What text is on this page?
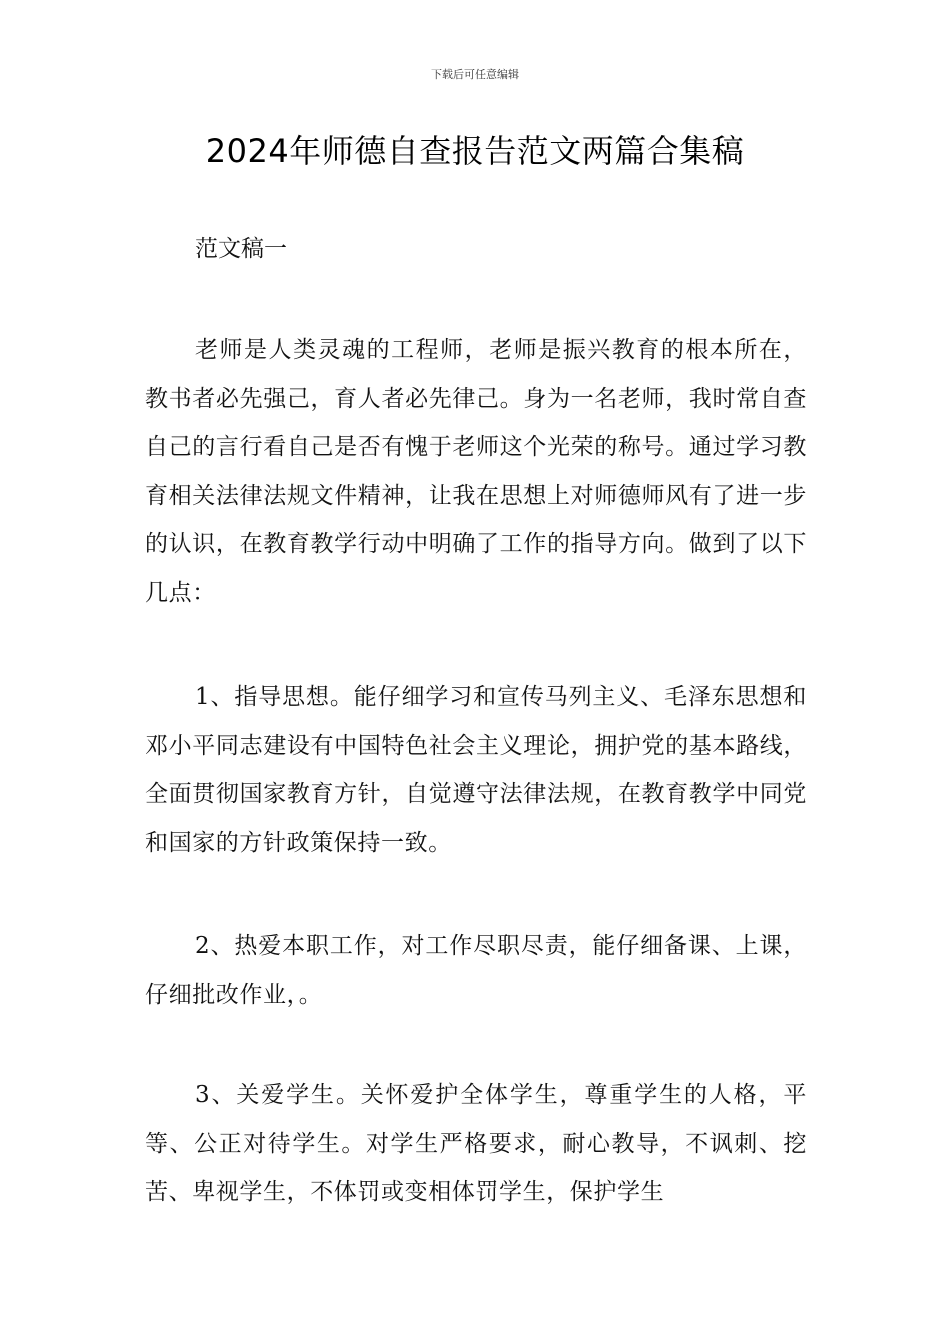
下载后可任意编辑
2024年师德自查报告范文两篇合集稿
范文稿一

老师是人类灵魂的工程师，老师是振兴教育的根本所在，教书者必先强己，育人者必先律己。身为一名老师，我时常自查自己的言行看自己是否有愧于老师这个光荣的称号。通过学习教育相关法律法规文件精神，让我在思想上对师德师风有了进一步的认识，在教育教学行动中明确了工作的指导方向。做到了以下几点：

1、指导思想。能仔细学习和宣传马列主义、毛泽东思想和邓小平同志建设有中国特色社会主义理论，拥护党的基本路线，全面贯彻国家教育方针，自觉遵守法律法规，在教育教学中同党和国家的方针政策保持一致。

2、热爱本职工作，对工作尽职尽责，能仔细备课、上课，仔细批改作业，。

3、关爱学生。关怀爱护全体学生，尊重学生的人格，平等、公正对待学生。对学生严格要求，耐心教导，不讽刺、挖苦、卑视学生，不体罚或变相体罚学生，保护学生
